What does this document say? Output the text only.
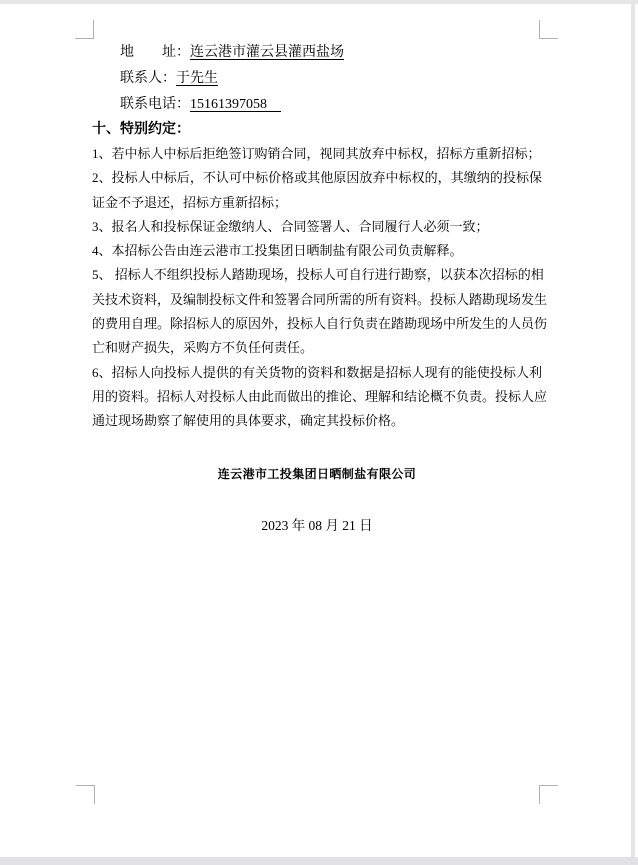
地　　址：连云港市灌云县灌西盐场
联系人：于先生
联系电话：15161397058
十、特别约定：
1、若中标人中标后拒绝签订购销合同，视同其放弃中标权，招标方重新招标；
2、投标人中标后，不认可中标价格或其他原因放弃中标权的，其缴纳的投标保
证金不予退还，招标方重新招标；
3、报名人和投标保证金缴纳人、合同签署人、合同履行人必须一致；
4、本招标公告由连云港市工投集团日晒制盐有限公司负责解释。
5、 招标人不组织投标人踏勘现场，投标人可自行进行勘察，以获本次招标的相
关技术资料，及编制投标文件和签署合同所需的所有资料。投标人踏勘现场发生
的费用自理。除招标人的原因外，投标人自行负责在踏勘现场中所发生的人员伤
亡和财产损失，采购方不负任何责任。
6、招标人向投标人提供的有关货物的资料和数据是招标人现有的能使投标人利
用的资料。招标人对投标人由此而做出的推论、理解和结论概不负责。投标人应
通过现场勘察了解使用的具体要求，确定其投标价格。
连云港市工投集团日晒制盐有限公司
2023 年 08 月 21 日
